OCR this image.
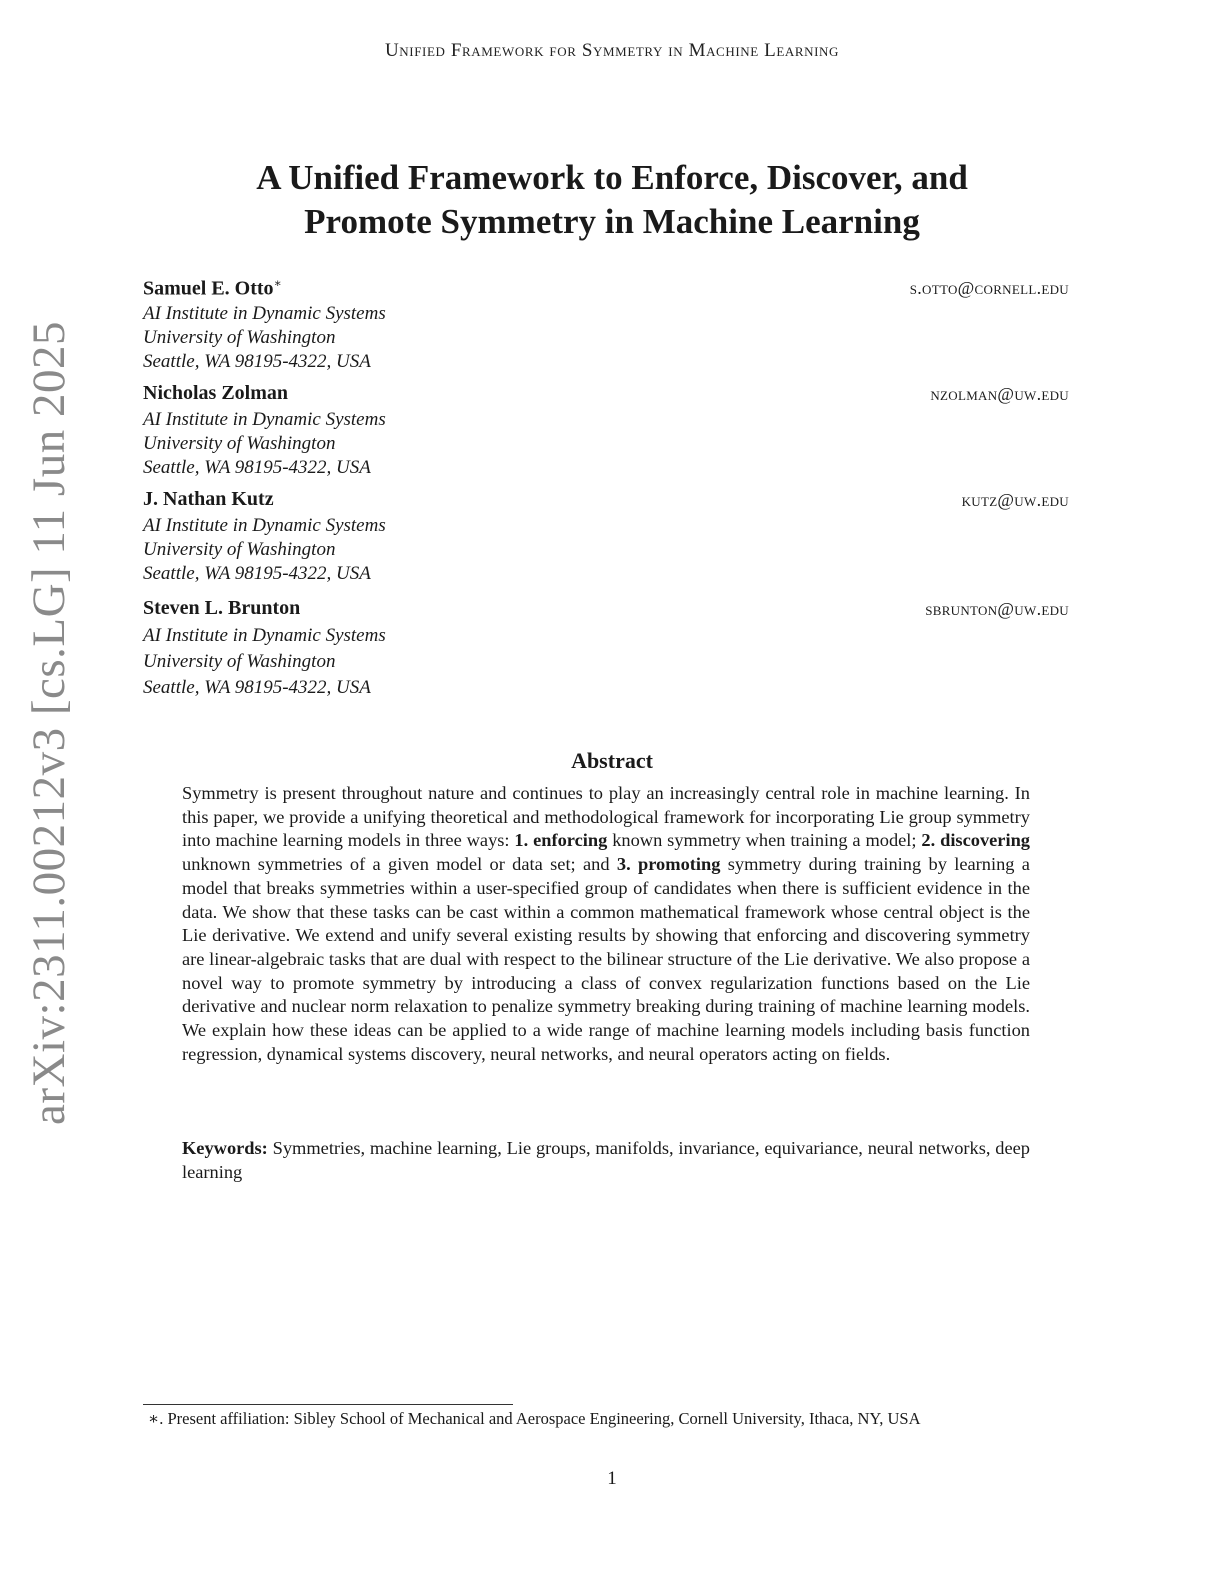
Unified Framework for Symmetry in Machine Learning
arXiv:2311.00212v3 [cs.LG] 11 Jun 2025
A Unified Framework to Enforce, Discover, and
Promote Symmetry in Machine Learning
Samuel E. Otto∗	s.otto@cornell.edu
AI Institute in Dynamic Systems
University of Washington
Seattle, WA 98195-4322, USA
Nicholas Zolman	nzolman@uw.edu
AI Institute in Dynamic Systems
University of Washington
Seattle, WA 98195-4322, USA
J. Nathan Kutz	kutz@uw.edu
AI Institute in Dynamic Systems
University of Washington
Seattle, WA 98195-4322, USA
Steven L. Brunton	sbrunton@uw.edu
AI Institute in Dynamic Systems
University of Washington
Seattle, WA 98195-4322, USA
Abstract

Symmetry is present throughout nature and continues to play an increasingly central role in machine learning. In this paper, we provide a unifying theoretical and methodological framework for incorporating Lie group symmetry into machine learning models in three ways: 1. enforcing known symmetry when training a model; 2. discovering unknown symmetries of a given model or data set; and 3. promoting symmetry during training by learning a model that breaks symmetries within a user-specified group of candidates when there is sufficient evidence in the data. We show that these tasks can be cast within a common mathematical framework whose central object is the Lie derivative. We extend and unify several existing results by showing that enforcing and discovering symmetry are linear-algebraic tasks that are dual with respect to the bilinear structure of the Lie derivative. We also propose a novel way to promote symmetry by introducing a class of convex regularization functions based on the Lie derivative and nuclear norm relaxation to penalize symmetry breaking during training of machine learning models. We explain how these ideas can be applied to a wide range of machine learning models including basis function regression, dynamical systems discovery, neural networks, and neural operators acting on fields.

Keywords: Symmetries, machine learning, Lie groups, manifolds, invariance, equivariance, neural networks, deep learning

∗. Present affiliation: Sibley School of Mechanical and Aerospace Engineering, Cornell University, Ithaca, NY, USA
1
